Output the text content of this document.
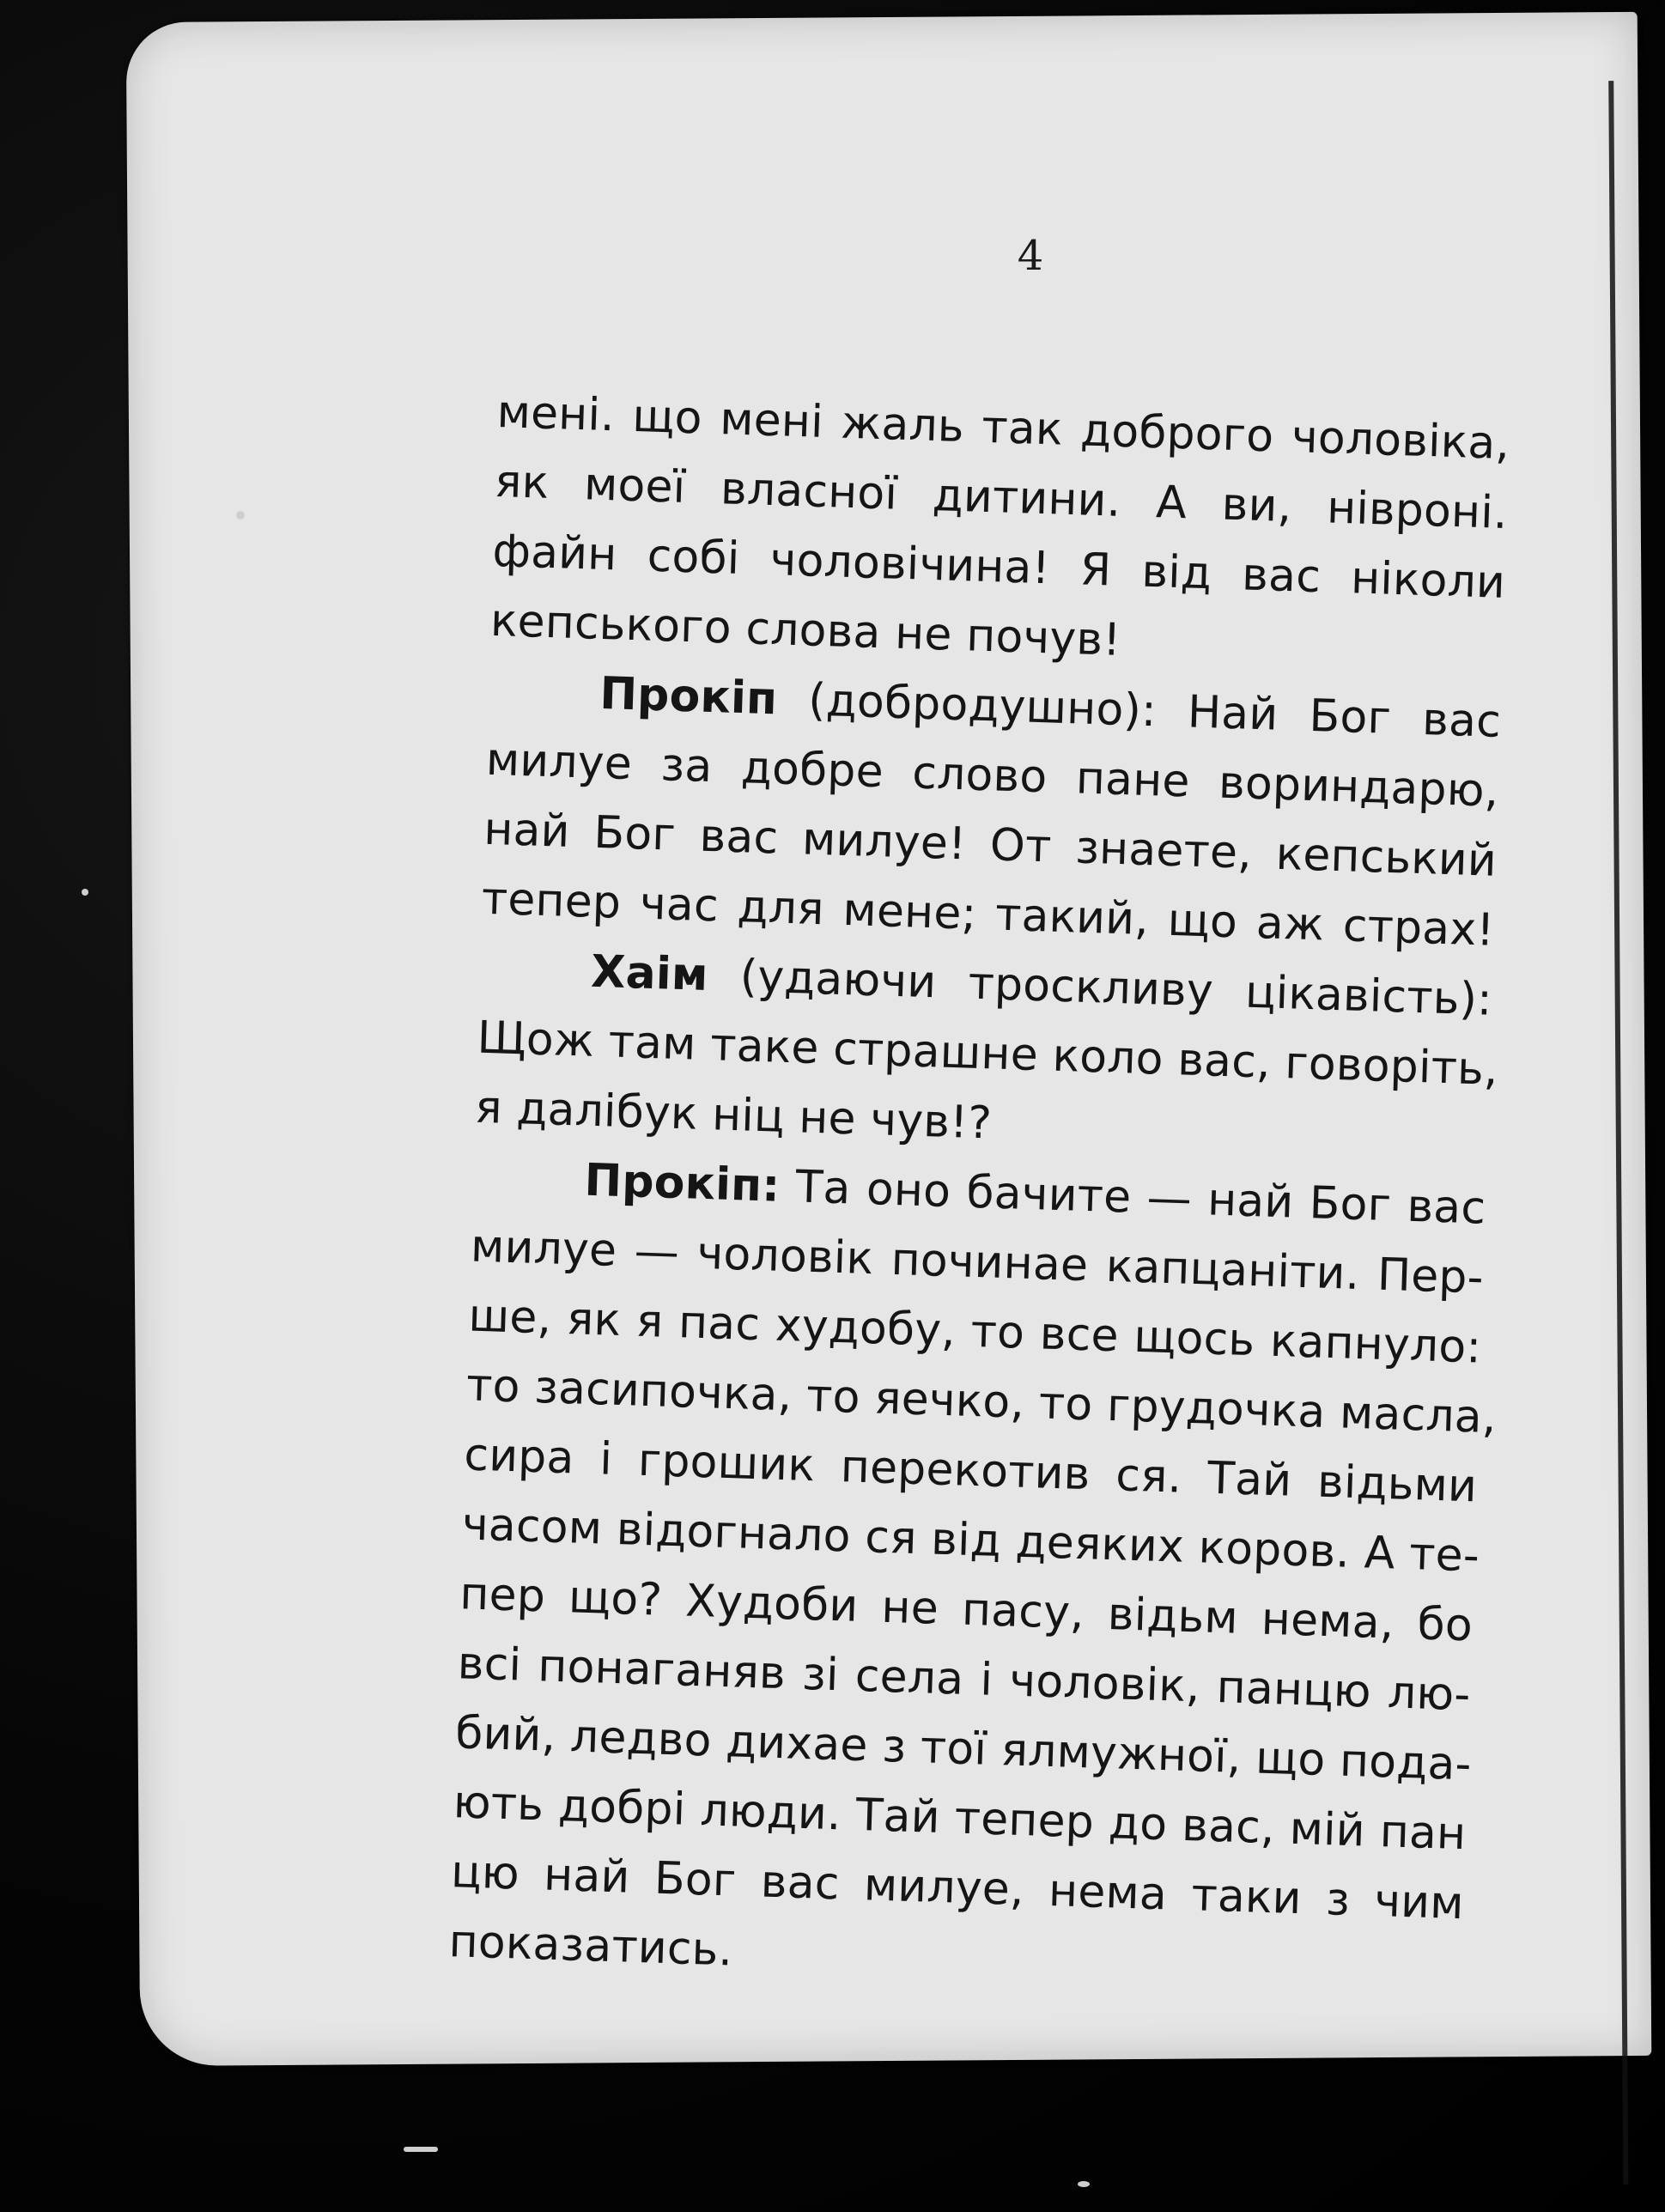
4
мені. що мені жаль так доброго чоловіка,
як моеї власної дитини. А ви, нівроні.
файн собі чоловічина! Я від вас ніколи
кепського слова не почув!
Прокіп (добродушно): Най Бог вас
милуе за добре слово пане вориндарю,
най Бог вас милуе! От знаете, кепський
тепер час для мене; такий, що аж страх!
Хаім (удаючи троскливу цікавість):
Щож там таке страшне коло вас, говоріть,
я далібук ніц не чув!?
Прокіп: Та оно бачите — най Бог вас
милуе — чоловік починае капцаніти. Пер-
ше, як я пас худобу, то все щось капнуло:
то засипочка, то яечко, то грудочка масла,
сира і грошик перекотив ся. Тай відьми
часом відогнало ся від деяких коров. А те-
пер що? Худоби не пасу, відьм нема, бо
всі понаганяв зі села і чоловік, панцю лю-
бий, ледво дихае з тої ялмужної, що пода-
ють добрі люди. Тай тепер до вас, мій пан
цю най Бог вас милуе, нема таки з чим
показатись.
